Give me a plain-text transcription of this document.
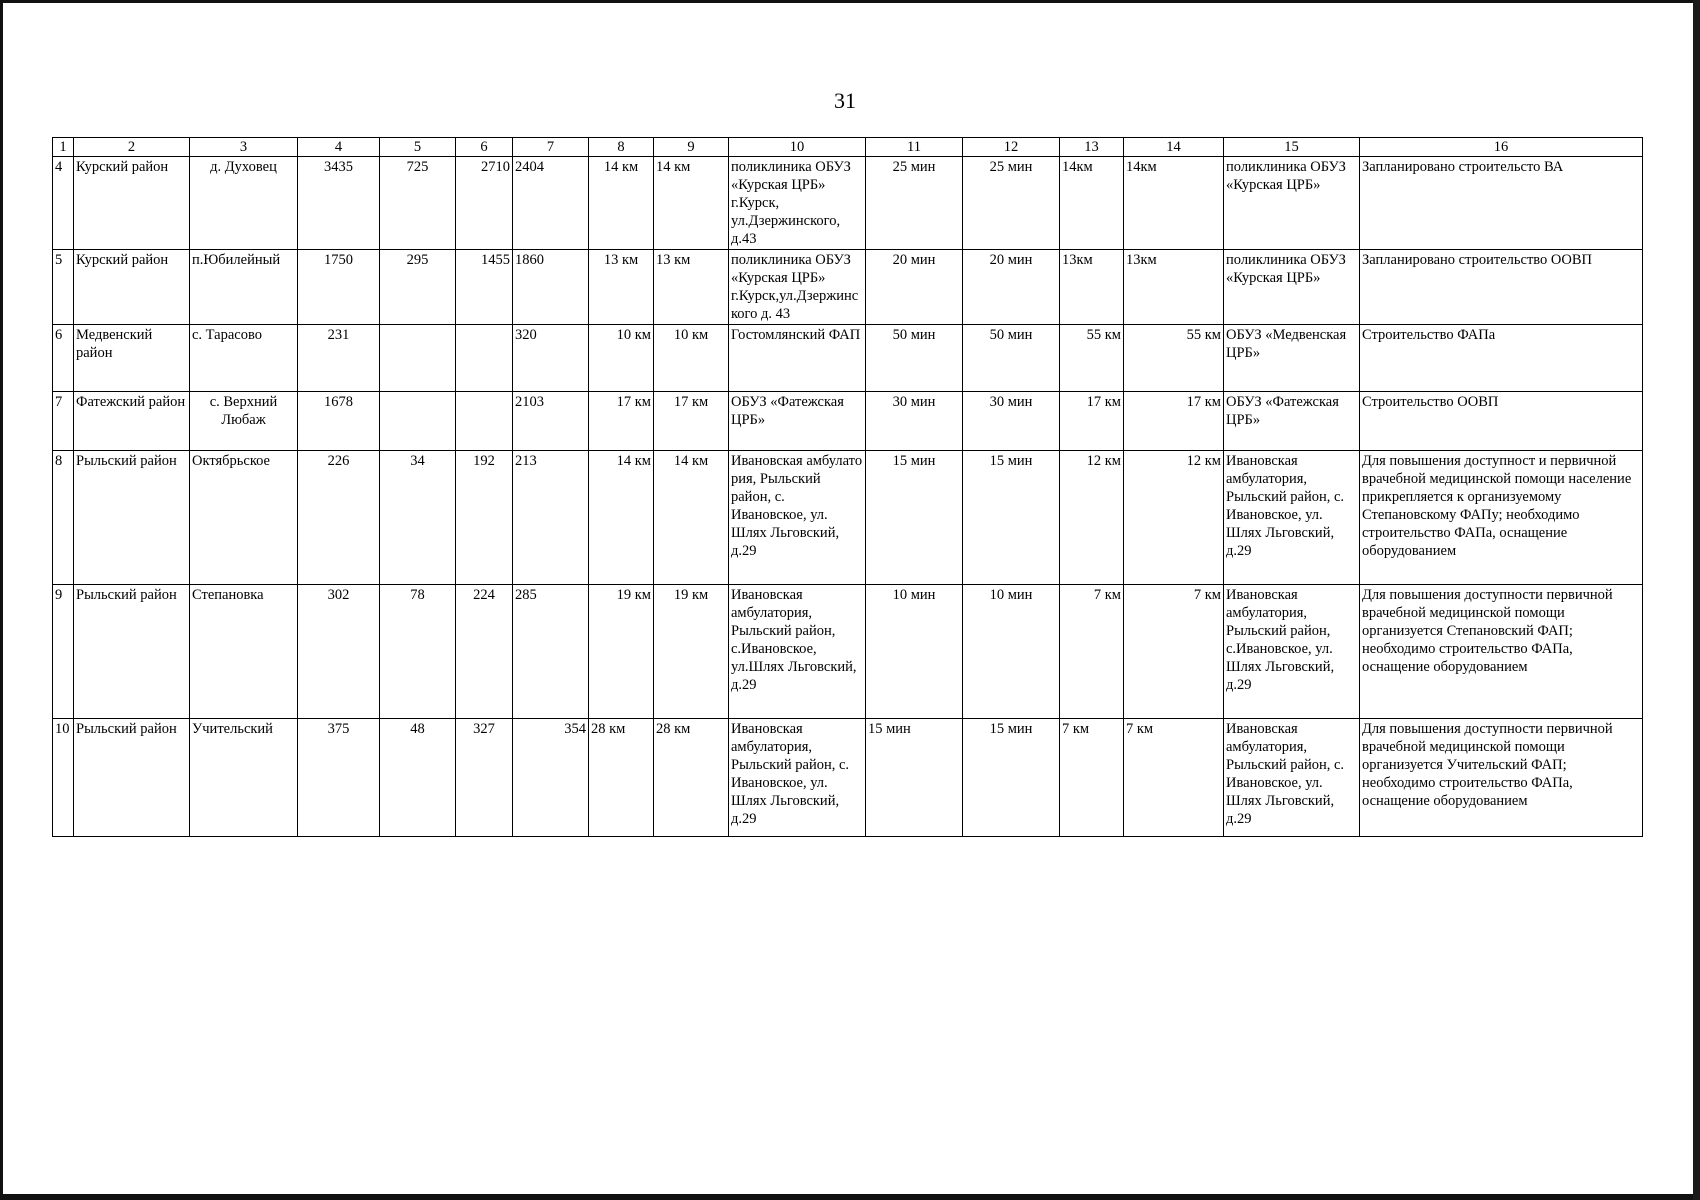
31
1	2	3	4	5	6	7	8	9	10	11	12	13	14	15	16
4	Курский район	д. Духовец	3435	725	2710	2404	14 км	14 км	поликлиника ОБУЗ «Курская ЦРБ» г.Курск, ул.Дзержинского, д.43	25 мин	25 мин	14км	14км	поликлиника ОБУЗ «Курская ЦРБ»	Запланировано строительсто ВА
5	Курский район	п.Юбилейный	1750	295	1455	1860	13 км	13 км	поликлиника ОБУЗ «Курская ЦРБ» г.Курск,ул.Дзержинского д. 43	20 мин	20 мин	13км	13км	поликлиника ОБУЗ «Курская ЦРБ»	Запланировано строительство ООВП
6	Медвенский район	с. Тарасово	231			320	10 км	10 км	Гостомлянский ФАП	50 мин	50 мин	55 км	55 км	ОБУЗ «Медвенская ЦРБ»	Строительство ФАПа
7	Фатежский район	с. Верхний Любаж	1678			2103	17 км	17 км	ОБУЗ «Фатежская ЦРБ»	30 мин	30 мин	17 км	17 км	ОБУЗ «Фатежская ЦРБ»	Строительство ООВП
8	Рыльский район	Октябрьское	226	34	192	213	14 км	14 км	Ивановская амбулато рия, Рыльский район, с. Ивановское, ул. Шлях Льговский, д.29	15 мин	15 мин	12 км	12 км	Ивановская амбулатория, Рыльский район, с. Ивановское, ул. Шлях Льговский, д.29	Для повышения доступност и первичной врачебной медицинской помощи население прикрепляется к организуемому Степановскому ФАПу; необходимо строительство ФАПа, оснащение оборудованием
9	Рыльский район	Степановка	302	78	224	285	19 км	19 км	Ивановская амбулатория, Рыльский район, с.Ивановское, ул.Шлях Льговский, д.29	10 мин	10 мин	7 км	7 км	Ивановская амбулатория, Рыльский район, с.Ивановское, ул. Шлях Льговский, д.29	Для повышения доступности первичной врачебной медицинской помощи организуется Степановский ФАП; необходимо строительство ФАПа, оснащение оборудованием
10	Рыльский район	Учительский	375	48	327	354	28 км	28 км	Ивановская амбулатория, Рыльский район, с. Ивановское, ул. Шлях Льговский, д.29	15 мин	15 мин	7 км	7 км	Ивановская амбулатория, Рыльский район, с. Ивановское, ул. Шлях Льговский, д.29	Для повышения доступности первичной врачебной медицинской помощи организуется Учительский ФАП; необходимо строительство ФАПа, оснащение оборудованием
